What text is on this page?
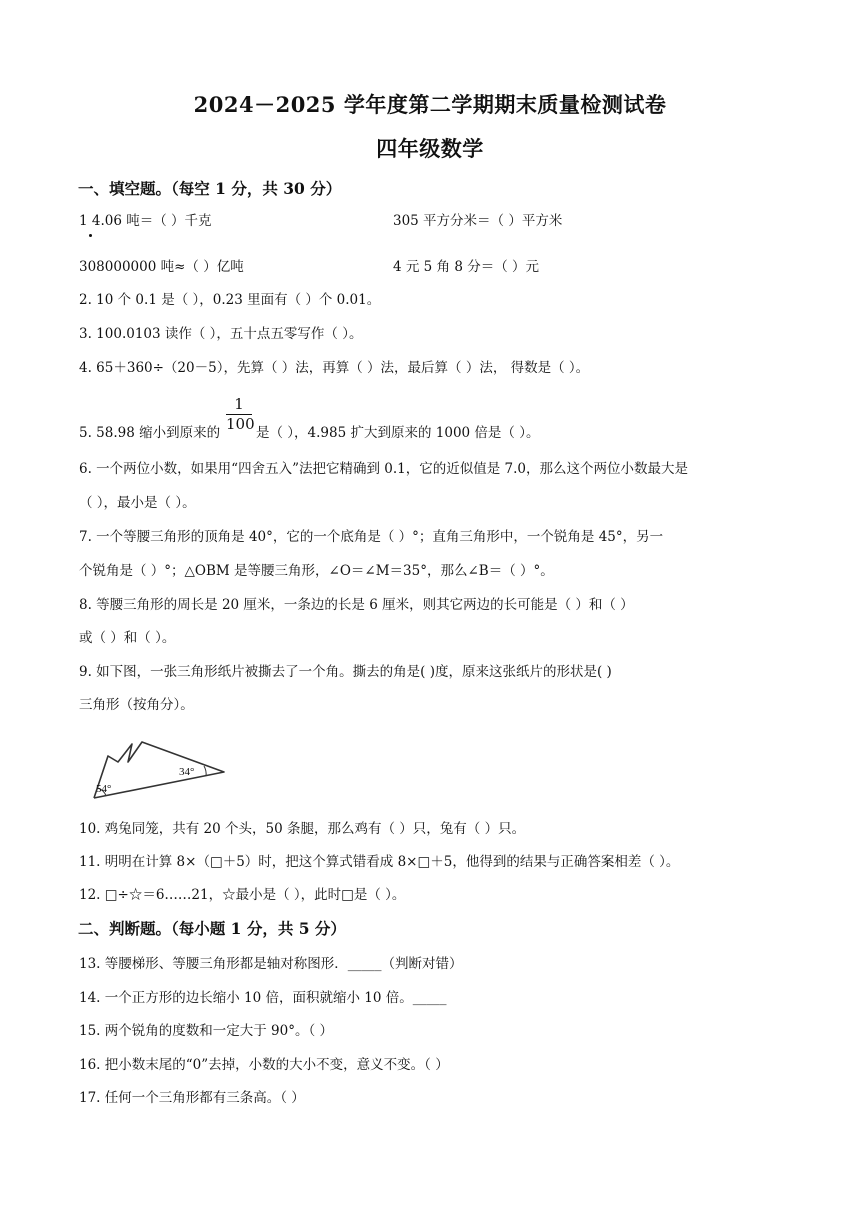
2024－2025 学年度第二学期期末质量检测试卷
四年级数学
一、填空题。（每空 1 分，共 30 分）
1 4.06 吨＝（ ）千克	305 平方分米＝（ ）平方米
308000000 吨≈（ ）亿吨	4 元 5 角 8 分＝（ ）元
2. 10 个 0.1 是（ ），0.23 里面有（ ）个 0.01。
3. 100.0103 读作（ ），五十点五零写作（ ）。
4. 65＋360÷（20－5），先算（ ）法，再算（ ）法，最后算（ ）法， 得数是（ ）。
5. 58.98 缩小到原来的 $\frac{1}{100}$ 是（ ），4.985 扩大到原来的 1000 倍是（ ）。
6. 一个两位小数，如果用“四舍五入”法把它精确到 0.1，它的近似值是 7.0，那么这个两位小数最大是
（ ），最小是（ ）。
7. 一个等腰三角形的顶角是 40°，它的一个底角是（ ）°；直角三角形中，一个锐角是 45°，另一
个锐角是（ ）°；△OBM 是等腰三角形，∠O＝∠M＝35°，那么∠B＝（ ）°。
8. 等腰三角形的周长是 20 厘米，一条边的长是 6 厘米，则其它两边的长可能是（ ）和（ ）
或（ ）和（ ）。
9. 如下图，一张三角形纸片被撕去了一个角。撕去的角是( )度，原来这张纸片的形状是( )
三角形（按角分）。
54°
34°
10. 鸡兔同笼，共有 20 个头，50 条腿，那么鸡有（ ）只，兔有（ ）只。
11. 明明在计算 8×（□＋5）时，把这个算式错看成 8×□＋5，他得到的结果与正确答案相差（ ）。
12. □÷☆＝6……21，☆最小是（ ），此时□是（ ）。
二、判断题。（每小题 1 分，共 5 分）
13. 等腰梯形、等腰三角形都是轴对称图形．_____（判断对错）
14. 一个正方形的边长缩小 10 倍，面积就缩小 10 倍。_____
15. 两个锐角的度数和一定大于 90°。（ ）
16. 把小数末尾的“0”去掉，小数的大小不变，意义不变。（ ）
17. 任何一个三角形都有三条高。（ ）
